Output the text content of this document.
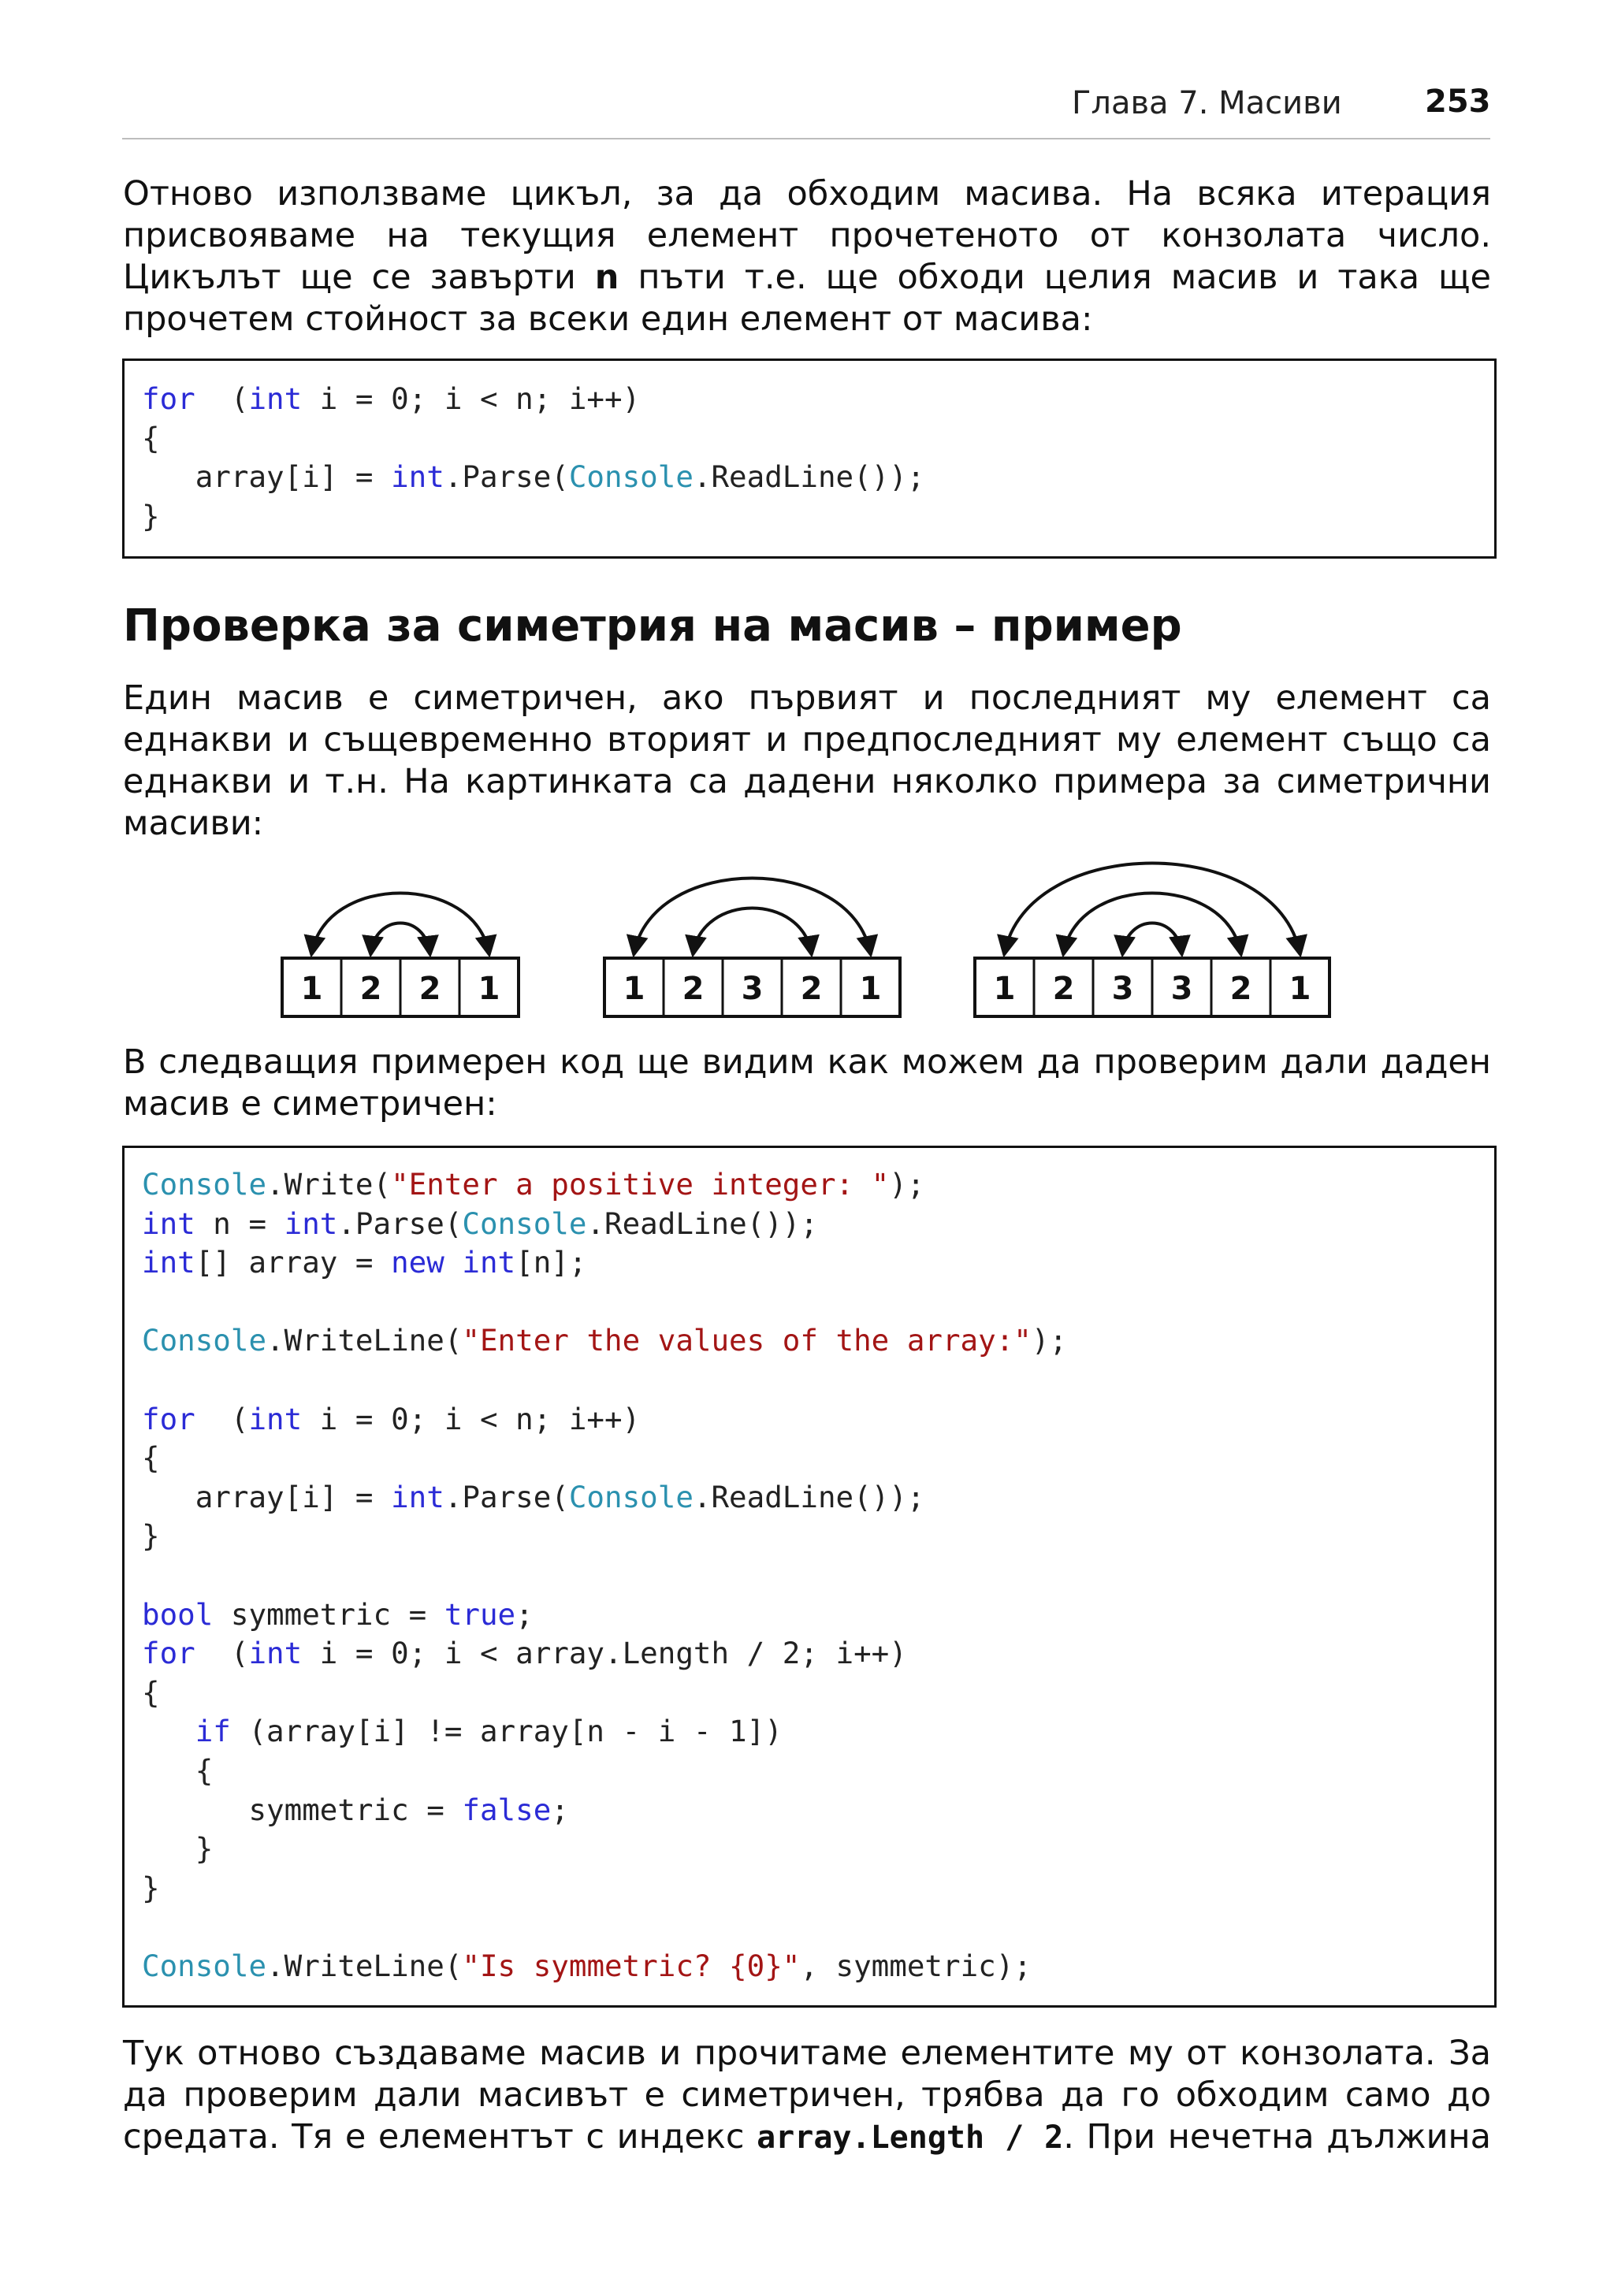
Глава 7. Масиви	253
Отново използваме цикъл, за да обходим масива. На всяка итерация
присвояваме на текущия елемент прочетеното от конзолата число.
Цикълът ще се завърти n пъти т.е. ще обходи целия масив и така ще
прочетем стойност за всеки един елемент от масива:
for  (int i = 0; i < n; i++)
{
array[i] = int.Parse(Console.ReadLine());
}
Проверка за симетрия на масив – пример
Един масив е симетричен, ако първият и последният му елемент са
еднакви и същевременно вторият и предпоследният му елемент също са
еднакви и т.н. На картинката са дадени няколко примера за симетрични
масиви:
1 2 2 1	1 2 3 2 1	1 2 3 3 2 1
В следващия примерен код ще видим как можем да проверим дали даден
масив е симетричен:
Console.Write("Enter a positive integer: ");
int n = int.Parse(Console.ReadLine());
int[] array = new int[n];
Console.WriteLine("Enter the values of the array:");
for  (int i = 0; i < n; i++)
{
array[i] = int.Parse(Console.ReadLine());
}
bool symmetric = true;
for  (int i = 0; i < array.Length / 2; i++)
{
if (array[i] != array[n - i - 1])
{
symmetric = false;
}
}
Console.WriteLine("Is symmetric? {0}", symmetric);
Тук отново създаваме масив и прочитаме елементите му от конзолата. За
да проверим дали масивът е симетричен, трябва да го обходим само до
средата. Тя е елементът с индекс array.Length / 2. При нечетна дължина
